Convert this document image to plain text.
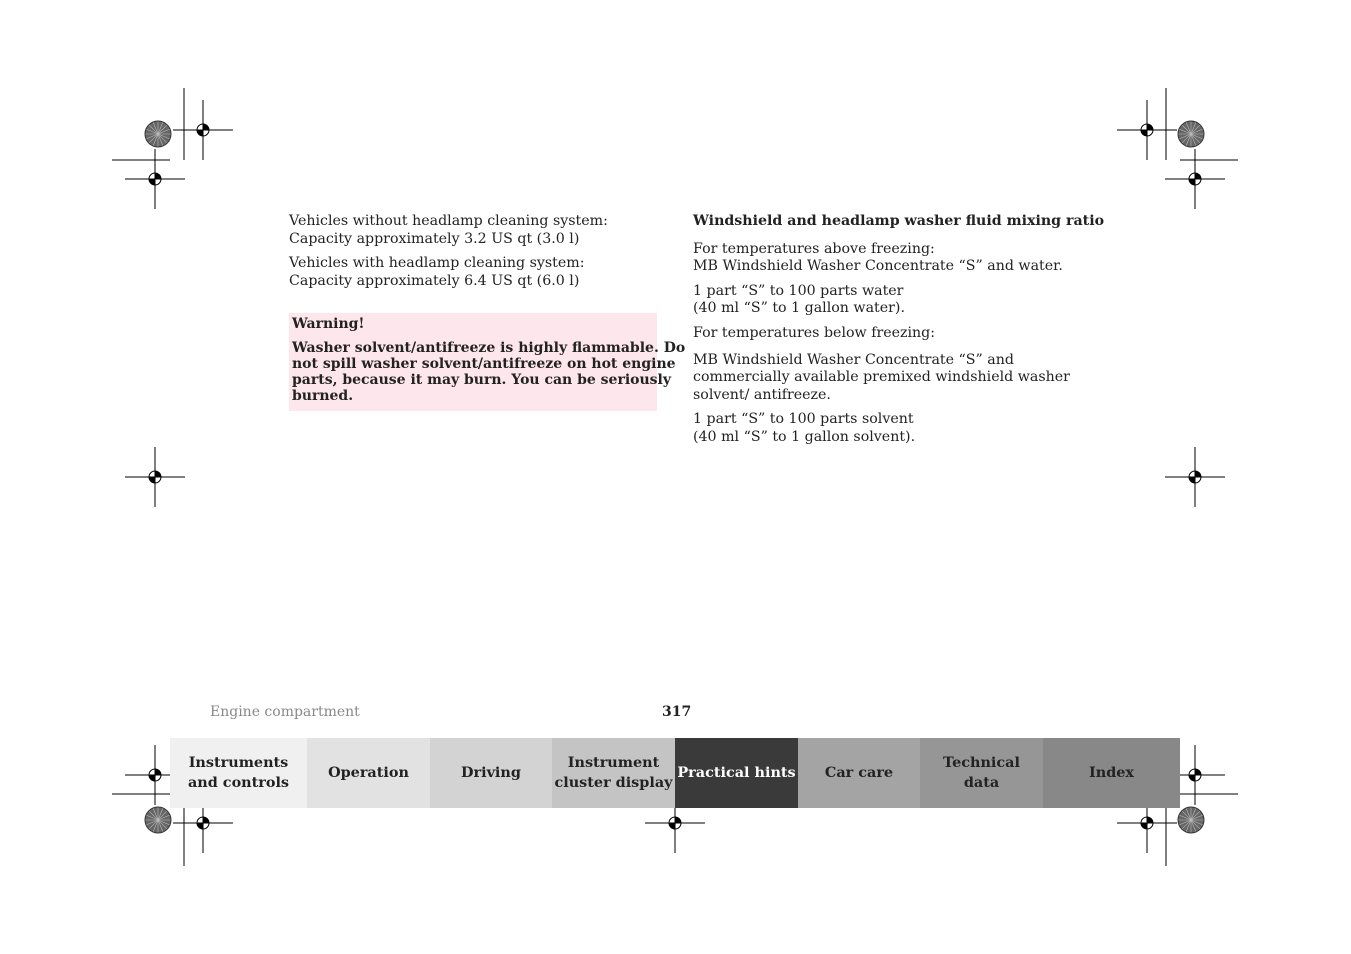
Vehicles without headlamp cleaning system:
Capacity approximately 3.2 US qt (3.0 l)

Vehicles with headlamp cleaning system:
Capacity approximately 6.4 US qt (6.0 l)

Warning!
Washer solvent/antifreeze is highly flammable. Do
not spill washer solvent/antifreeze on hot engine
parts, because it may burn. You can be seriously
burned.

Windshield and headlamp washer fluid mixing ratio

For temperatures above freezing:
MB Windshield Washer Concentrate “S” and water.

1 part “S” to 100 parts water
(40 ml “S” to 1 gallon water).

For temperatures below freezing:

MB Windshield Washer Concentrate “S” and
commercially available premixed windshield washer
solvent/ antifreeze.

1 part “S” to 100 parts solvent
(40 ml “S” to 1 gallon solvent).

Engine compartment	317
Instruments
and controls
Operation	Driving
Instrument
cluster display
Practical hints Car care
Technical
data
Index
